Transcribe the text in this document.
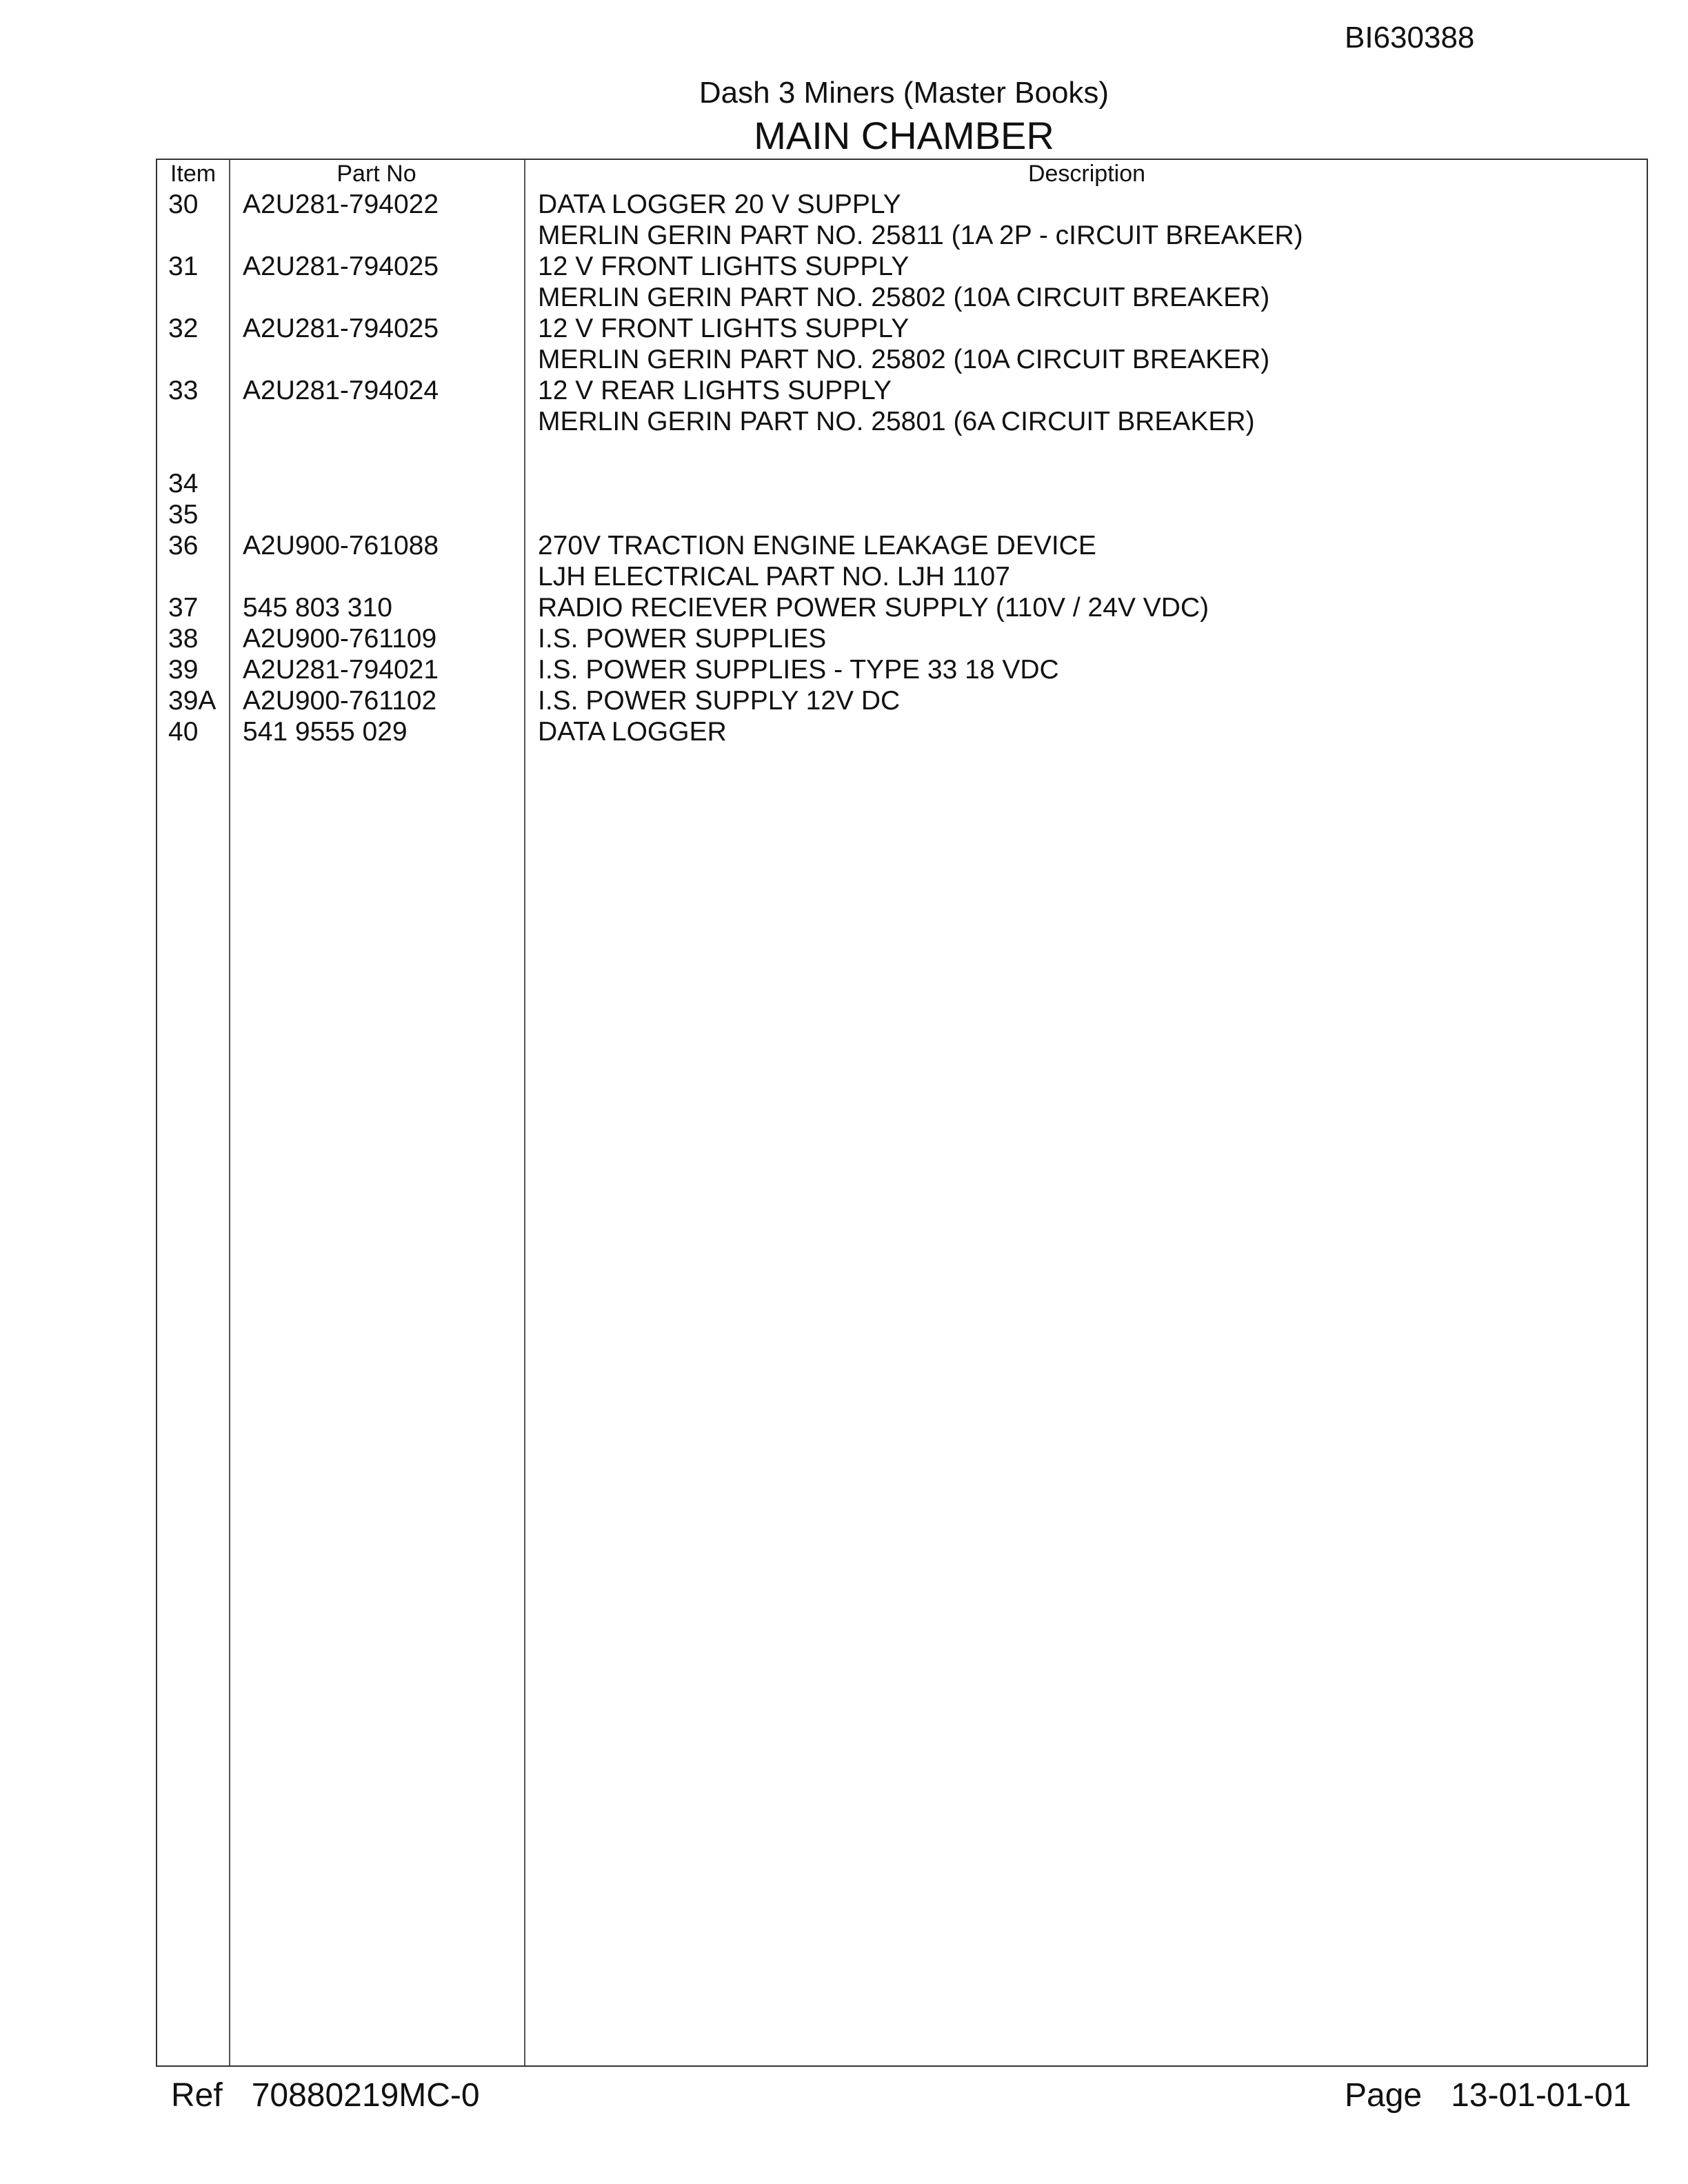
BI630388
Dash 3 Miners (Master Books)
MAIN CHAMBER
Item	Part No	Description
30 A2U281-794022	DATA LOGGER 20 V SUPPLY
MERLIN GERIN PART NO. 25811 (1A 2P - cIRCUIT BREAKER)
31 A2U281-794025	12 V FRONT LIGHTS SUPPLY
MERLIN GERIN PART NO. 25802 (10A CIRCUIT BREAKER)
32 A2U281-794025	12 V FRONT LIGHTS SUPPLY
MERLIN GERIN PART NO. 25802 (10A CIRCUIT BREAKER)
33 A2U281-794024	12 V REAR LIGHTS SUPPLY
MERLIN GERIN PART NO. 25801 (6A CIRCUIT BREAKER)
34
35
36 A2U900-761088	270V TRACTION ENGINE LEAKAGE DEVICE
LJH ELECTRICAL PART NO. LJH 1107
37 545 803 310	RADIO RECIEVER POWER SUPPLY (110V / 24V VDC)
38 A2U900-761109	I.S. POWER SUPPLIES
39 A2U281-794021	I.S. POWER SUPPLIES - TYPE 33 18 VDC
39A A2U900-761102	I.S. POWER SUPPLY 12V DC
40 541 9555 029	DATA LOGGER
Ref 70880219MC-0	Page 13-01-01-01
